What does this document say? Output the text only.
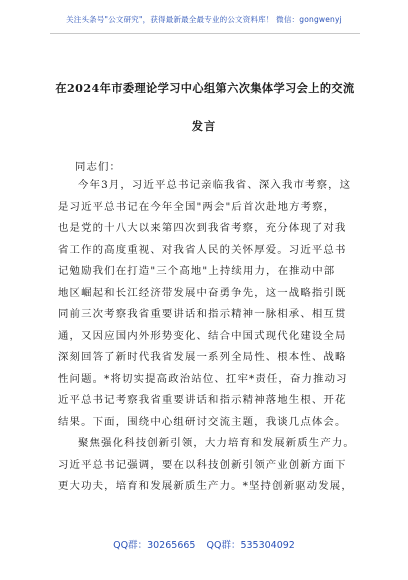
关注头条号"公文研究"，获得最新最全最专业的公文资料库！ 微信：gongwenyj
在2024年市委理论学习中心组第六次集体学习会上的交流
发言
同志们：
今年3月，习近平总书记亲临我省、深入我市考察，这
是习近平总书记在今年全国"两会"后首次赴地方考察，
也是党的十八大以来第四次到我省考察，充分体现了对我
省工作的高度重视、对我省人民的关怀厚爱。习近平总书
记勉励我们在打造"三个高地"上持续用力，在推动中部
地区崛起和长江经济带发展中奋勇争先，这一战略指引既
同前三次考察我省重要讲话和指示精神一脉相承、相互贯
通，又因应国内外形势变化、结合中国式现代化建设全局
深刻回答了新时代我省发展一系列全局性、根本性、战略
性问题。*将切实提高政治站位、扛牢*责任，奋力推动习
近平总书记考察我省重要讲话和指示精神落地生根、开花
结果。下面，围绕中心组研讨交流主题，我谈几点体会。
聚焦强化科技创新引领，大力培育和发展新质生产力。
习近平总书记强调，要在以科技创新引领产业创新方面下
更大功夫，培育和发展新质生产力。*坚持创新驱动发展，
QQ群：30265665 QQ群：535304092
